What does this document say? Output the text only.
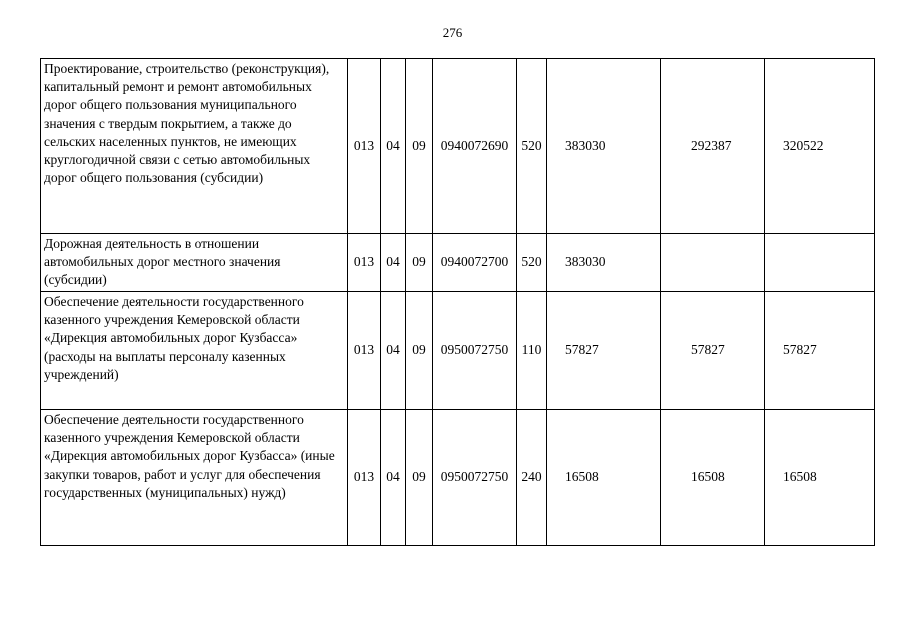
276
Проектирование, строительство (реконструкция), капитальный ремонт и ремонт автомобильных дорог общего пользования муниципального значения с твердым покрытием, а также до сельских населенных пунктов, не имеющих круглогодичной связи с сетью автомобильных дорог общего пользования (субсидии)	013	04	09	0940072690	520	383030	292387	320522
Дорожная деятельность в отношении автомобильных дорог местного значения (субсидии)	013	04	09	0940072700	520	383030		
Обеспечение деятельности государственного казенного учреждения Кемеровской области «Дирекция автомобильных дорог Кузбасса» (расходы на выплаты персоналу казенных учреждений)	013	04	09	0950072750	110	57827	57827	57827
Обеспечение деятельности государственного казенного учреждения Кемеровской области «Дирекция автомобильных дорог Кузбасса» (иные закупки товаров, работ и услуг для обеспечения государственных (муниципальных) нужд)	013	04	09	0950072750	240	16508	16508	16508
